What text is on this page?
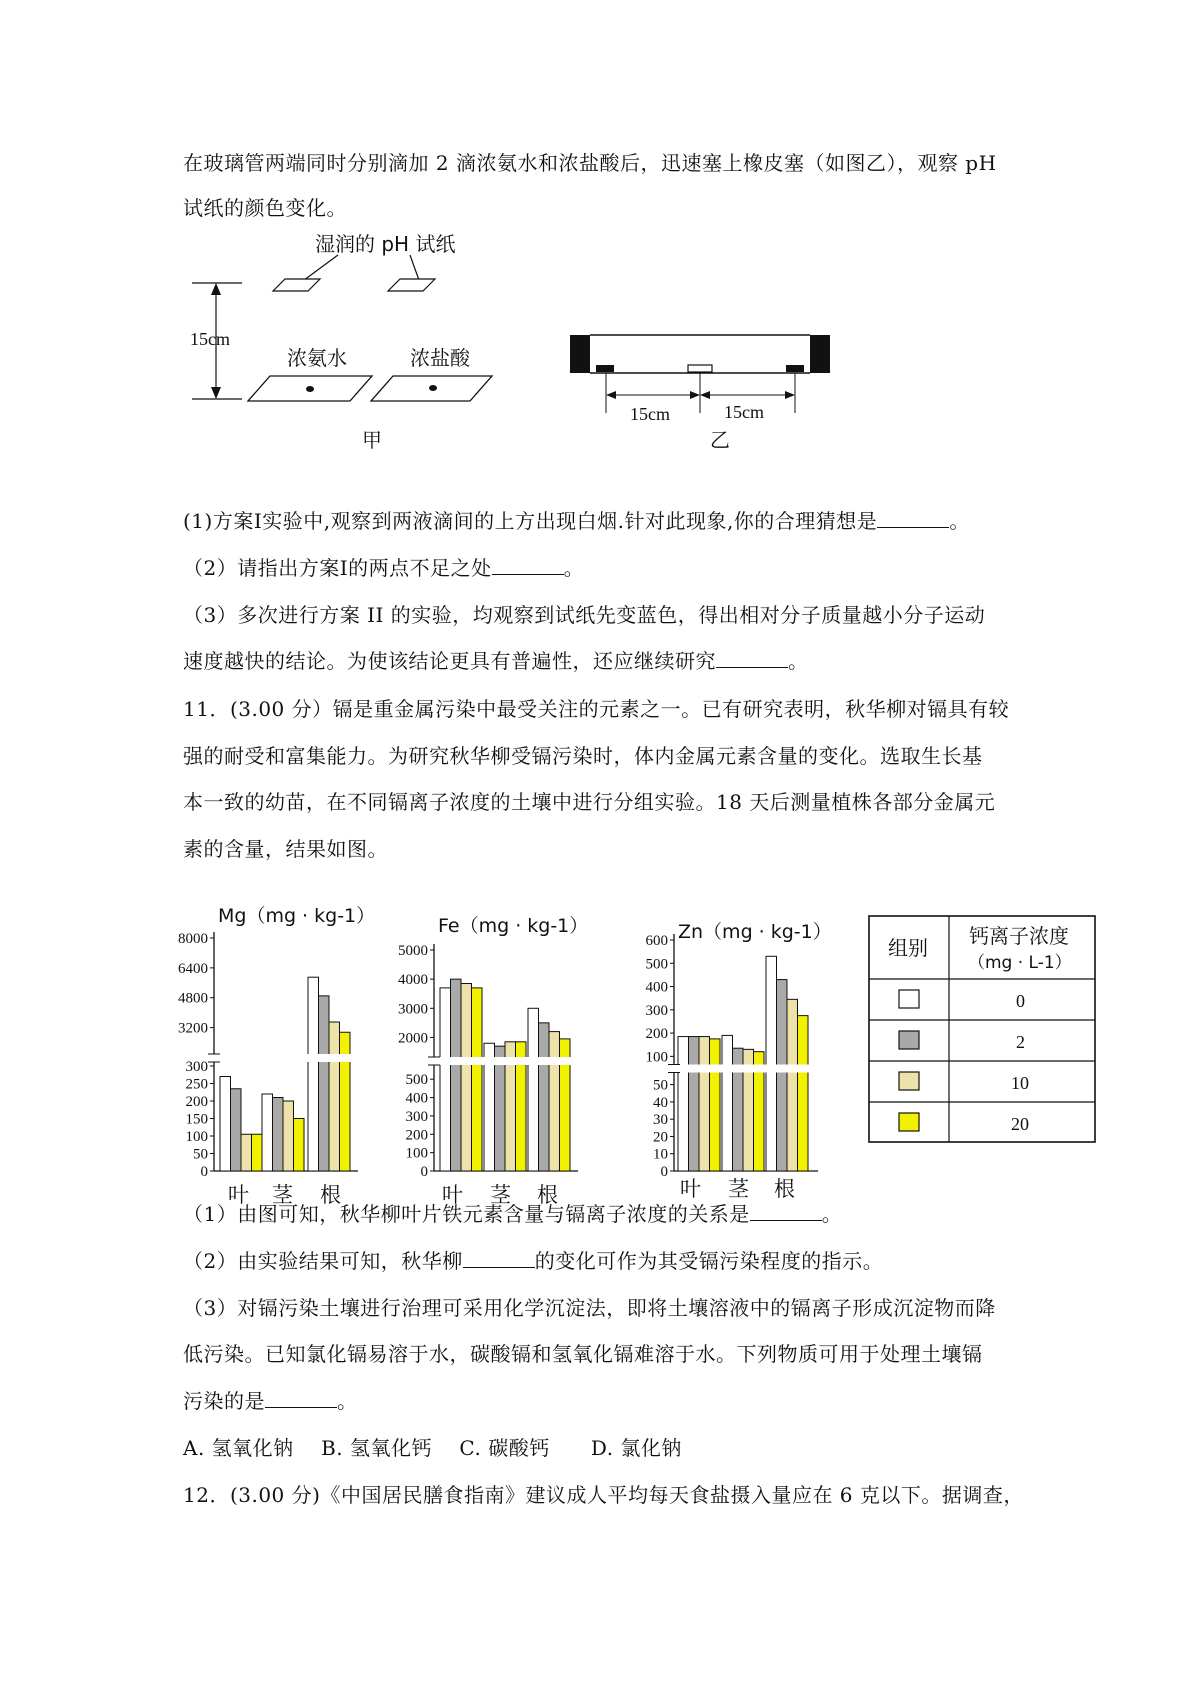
在玻璃管两端同时分别滴加 2 滴浓氨水和浓盐酸后，迅速塞上橡皮塞（如图乙），观察 pH
试纸的颜色变化。
湿润的 pH 试纸
15cm
浓氨水	浓盐酸
甲
15cm	15cm
乙
(1)方案Ⅰ实验中,观察到两液滴间的上方出现白烟.针对此现象,你的合理猜想是	。
（2）请指出方案Ⅰ的两点不足之处	。
（3）多次进行方案 II 的实验，均观察到试纸先变蓝色，得出相对分子质量越小分子运动
速度越快的结论。为使该结论更具有普遍性，还应继续研究	。
11．(3.00 分）镉是重金属污染中最受关注的元素之一。已有研究表明，秋华柳对镉具有较
强的耐受和富集能力。为研究秋华柳受镉污染时，体内金属元素含量的变化。选取生长基
本一致的幼苗，在不同镉离子浓度的土壤中进行分组实验。18 天后测量植株各部分金属元
素的含量，结果如图。
Mg（mg · kg-1）
0
50
100
150
200
250
300
3200
4800
6400
8000
叶 茎 根
Fe（mg · kg-1）
0
100
200
300
400
500
2000
3000
4000
5000
叶 茎 根
Zn（mg · kg-1）
0
10
20
30
40
50
100
200
300
400
500
600
叶 茎 根
组别 钙离子浓度
（mg · L-1）
0
2
10
20
（1）由图可知，秋华柳叶片铁元素含量与镉离子浓度的关系是	。
（2）由实验结果可知，秋华柳	的变化可作为其受镉污染程度的指示。
（3）对镉污染土壤进行治理可采用化学沉淀法，即将土壤溶液中的镉离子形成沉淀物而降
低污染。已知氯化镉易溶于水，碳酸镉和氢氧化镉难溶于水。下列物质可用于处理土壤镉
污染的是	。
A. 氢氧化钠    B. 氢氧化钙    C. 碳酸钙      D. 氯化钠
12．(3.00 分)《中国居民膳食指南》建议成人平均每天食盐摄入量应在 6 克以下。据调查，
